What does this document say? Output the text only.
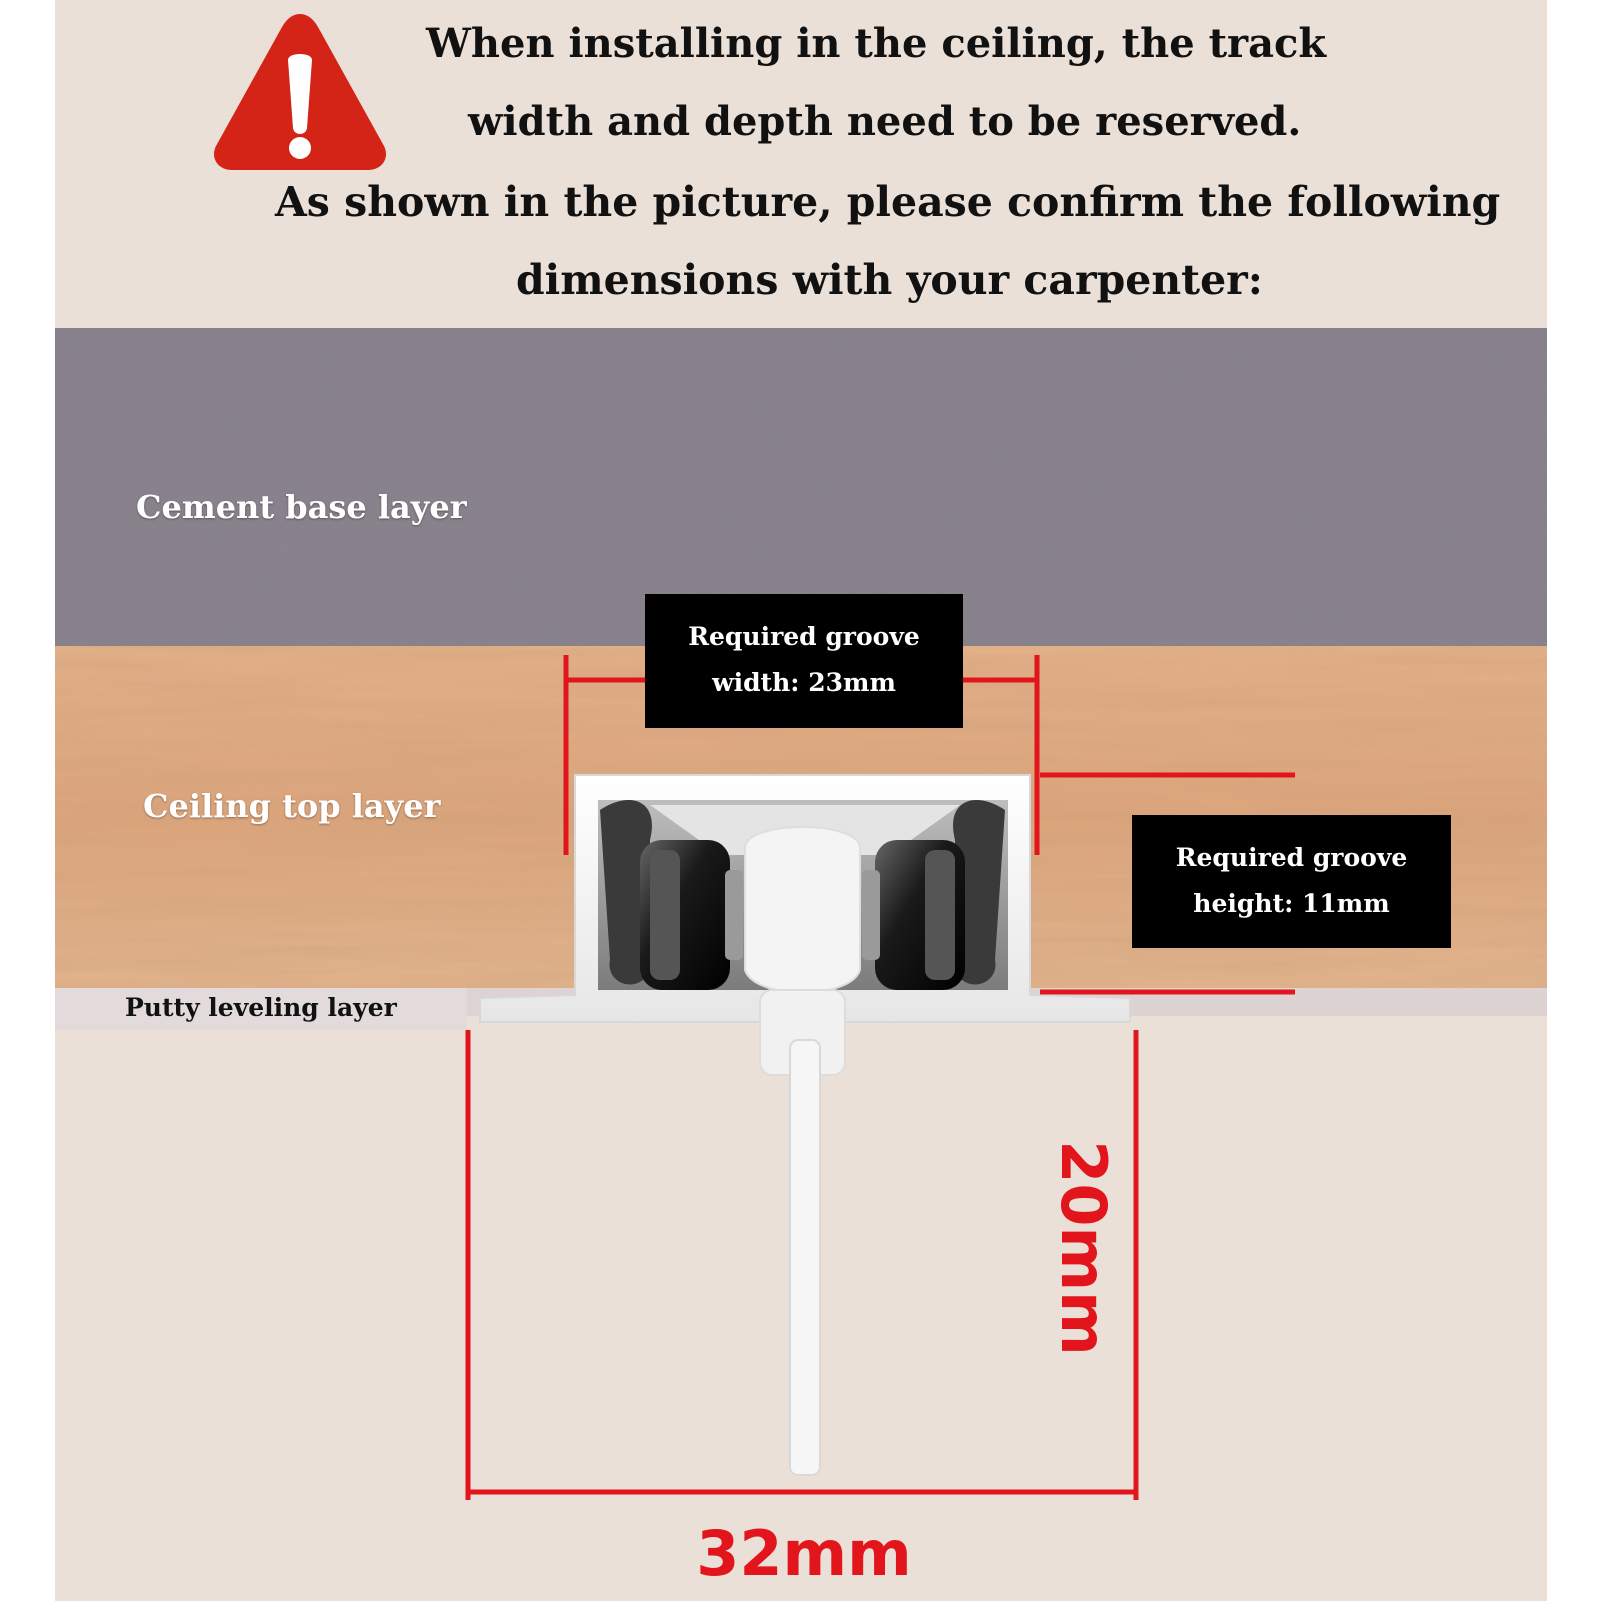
When installing in the ceiling, the track

width and depth need to be reserved.

As shown in the picture, please confirm the following

dimensions with your carpenter:

Cement base layer

Ceiling top layer

Putty leveling layer
32mm
20mm
Required groove
width: 23mm
Required groove
height: 11mm
